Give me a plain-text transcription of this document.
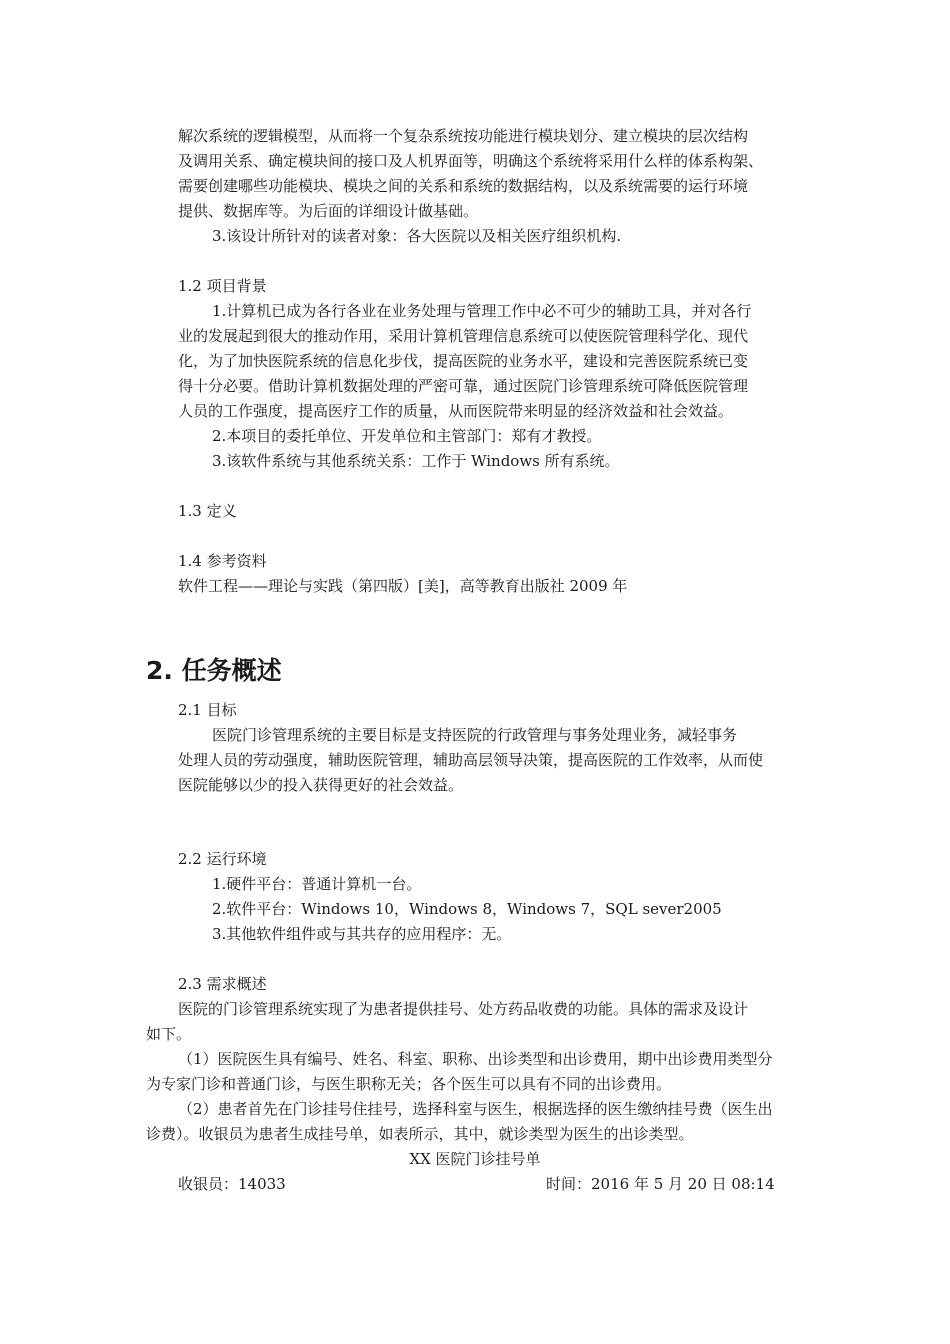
解次系统的逻辑模型，从而将一个复杂系统按功能进行模块划分、建立模块的层次结构

及调用关系、确定模块间的接口及人机界面等，明确这个系统将采用什么样的体系构架、

需要创建哪些功能模块、模块之间的关系和系统的数据结构，以及系统需要的运行环境

提供、数据库等。为后面的详细设计做基础。

3.该设计所针对的读者对象：各大医院以及相关医疗组织机构.

1.2 项目背景

1.计算机已成为各行各业在业务处理与管理工作中必不可少的辅助工具，并对各行

业的发展起到很大的推动作用，采用计算机管理信息系统可以使医院管理科学化、现代

化，为了加快医院系统的信息化步伐，提高医院的业务水平，建设和完善医院系统已变

得十分必要。借助计算机数据处理的严密可靠，通过医院门诊管理系统可降低医院管理

人员的工作强度，提高医疗工作的质量，从而医院带来明显的经济效益和社会效益。

2.本项目的委托单位、开发单位和主管部门：郑有才教授。

3.该软件系统与其他系统关系：工作于 Windows 所有系统。

1.3 定义

1.4 参考资料

软件工程——理论与实践（第四版）[美]，高等教育出版社 2009 年

2. 任务概述

2.1 目标

医院门诊管理系统的主要目标是支持医院的行政管理与事务处理业务，减轻事务

处理人员的劳动强度，辅助医院管理，辅助高层领导决策，提高医院的工作效率，从而使

医院能够以少的投入获得更好的社会效益。

2.2 运行环境

1.硬件平台：普通计算机一台。

2.软件平台：Windows 10，Windows 8，Windows 7，SQL sever2005

3.其他软件组件或与其共存的应用程序：无。

2.3 需求概述

医院的门诊管理系统实现了为患者提供挂号、处方药品收费的功能。具体的需求及设计

如下。

（1）医院医生具有编号、姓名、科室、职称、出诊类型和出诊费用，期中出诊费用类型分

为专家门诊和普通门诊，与医生职称无关；各个医生可以具有不同的出诊费用。

（2）患者首先在门诊挂号住挂号，选择科室与医生，根据选择的医生缴纳挂号费（医生出

诊费）。收银员为患者生成挂号单，如表所示，其中，就诊类型为医生的出诊类型。

XX 医院门诊挂号单

收银员：14033	时间：2016 年 5 月 20 日 08:14
